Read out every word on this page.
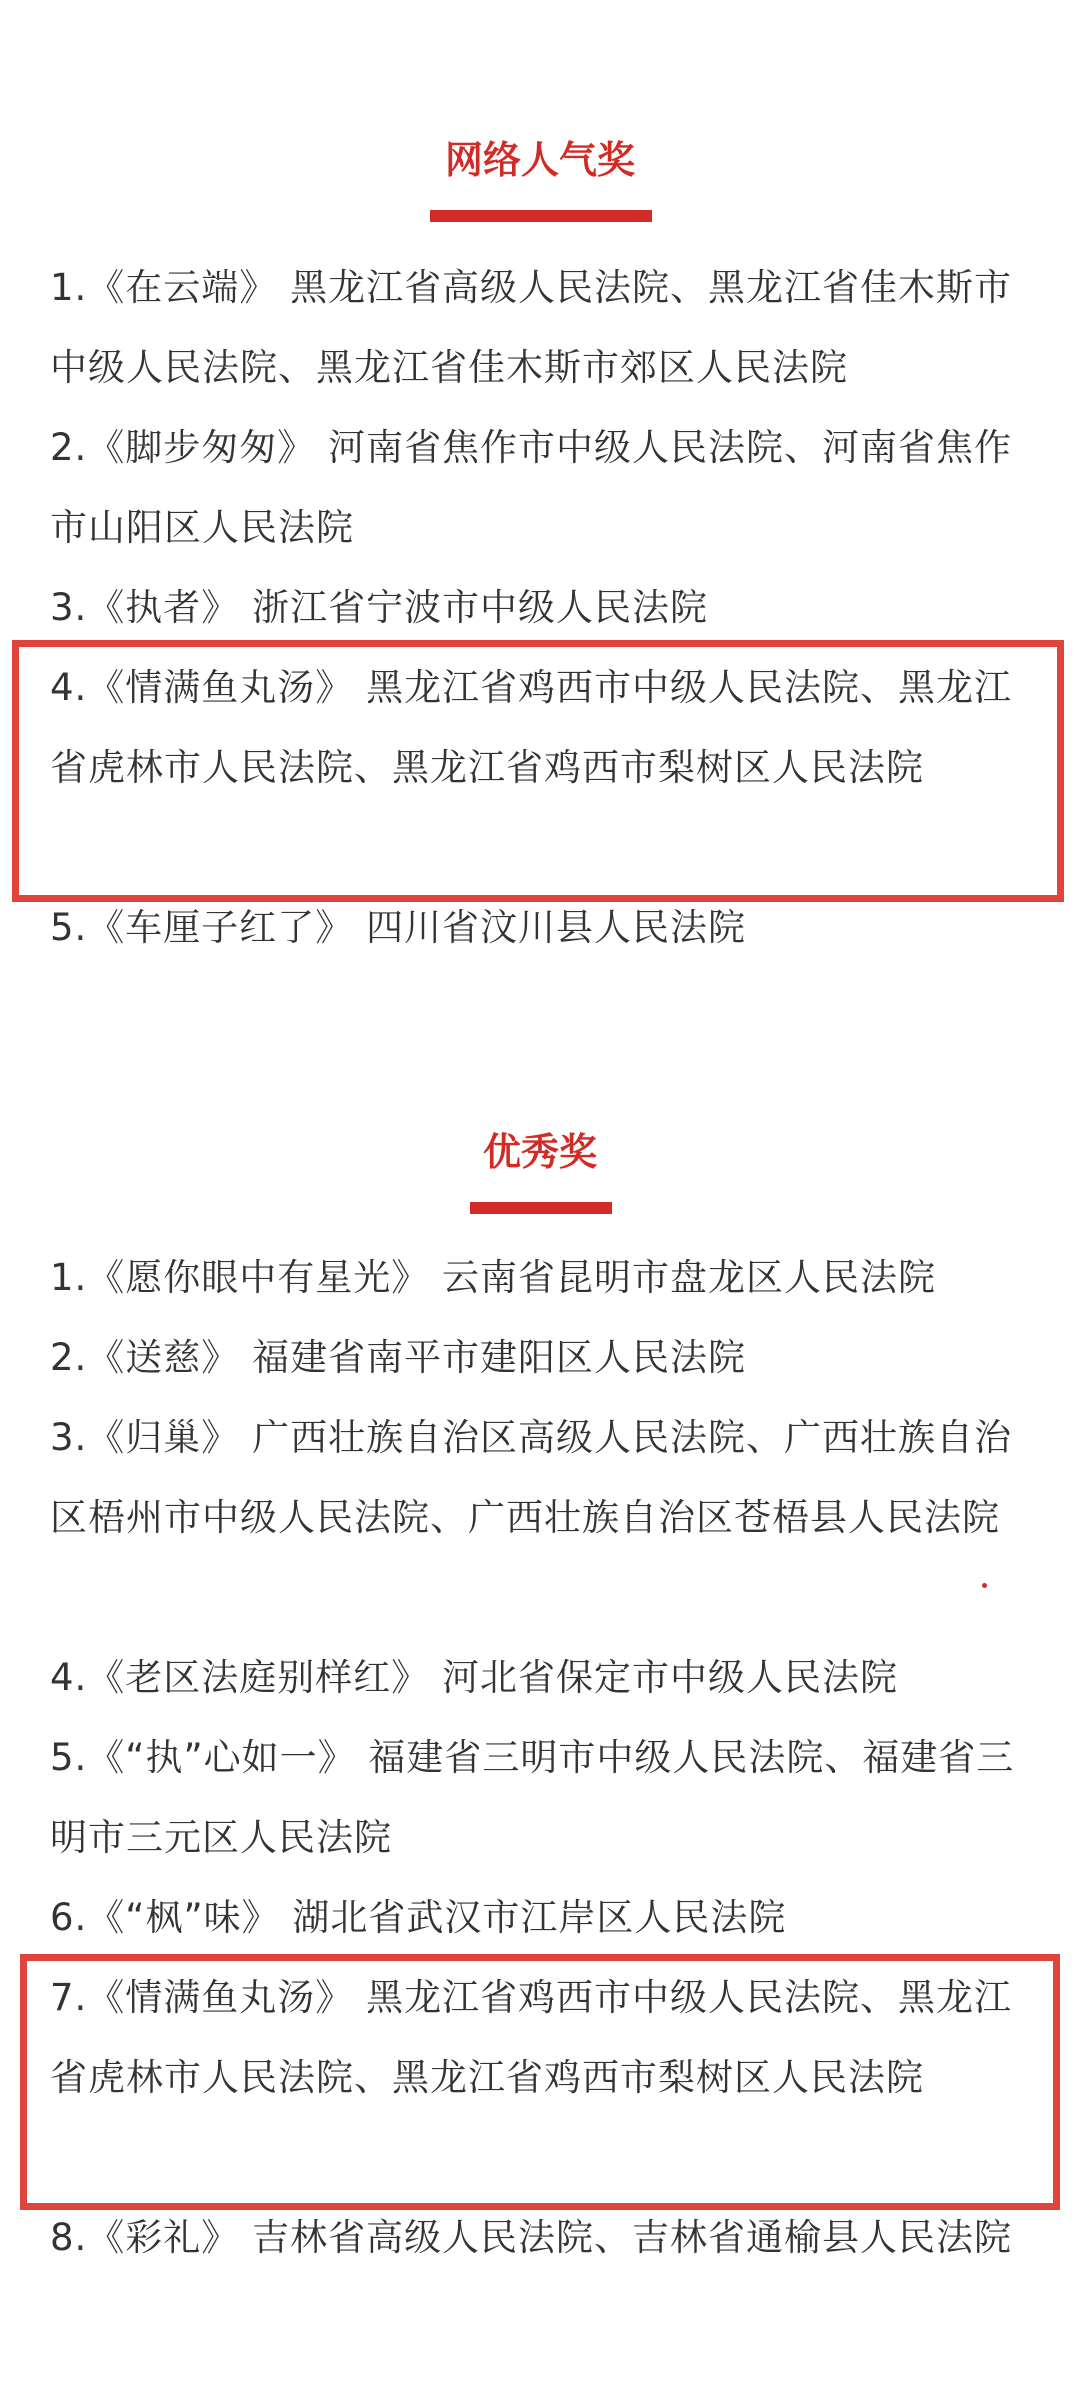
网络人气奖
1.《在云端》 黑龙江省高级人民法院、黑龙江省佳木斯市中级人民法院、黑龙江省佳木斯市郊区人民法院
2.《脚步匆匆》 河南省焦作市中级人民法院、河南省焦作市山阳区人民法院
3.《执者》 浙江省宁波市中级人民法院
4.《情满鱼丸汤》 黑龙江省鸡西市中级人民法院、黑龙江省虎林市人民法院、黑龙江省鸡西市梨树区人民法院
5.《车厘子红了》 四川省汶川县人民法院
优秀奖
1.《愿你眼中有星光》 云南省昆明市盘龙区人民法院
2.《送慈》 福建省南平市建阳区人民法院
3.《归巢》 广西壮族自治区高级人民法院、广西壮族自治区梧州市中级人民法院、广西壮族自治区苍梧县人民法院
4.《老区法庭别样红》 河北省保定市中级人民法院
5.《“执”心如一》 福建省三明市中级人民法院、福建省三明市三元区人民法院
6.《“枫”味》 湖北省武汉市江岸区人民法院
7.《情满鱼丸汤》 黑龙江省鸡西市中级人民法院、黑龙江省虎林市人民法院、黑龙江省鸡西市梨树区人民法院
8.《彩礼》 吉林省高级人民法院、吉林省通榆县人民法院
